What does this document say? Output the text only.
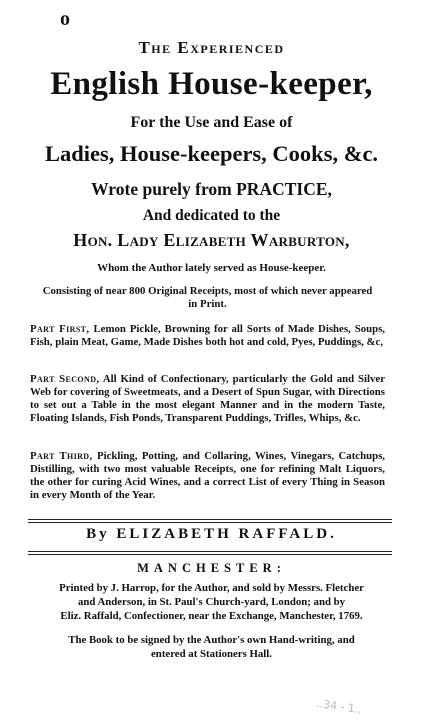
o

The Experienced

English House-keeper,

For the Use and Ease of

Ladies, House-keepers, Cooks, &c.

Wrote purely from PRACTICE,

And dedicated to the

Hon. Lady Elizabeth Warburton,

Whom the Author lately served as House-keeper.

Consisting of near 800 Original Receipts, most of which never appeared in Print.

Part First, Lemon Pickle, Browning for all Sorts of Made Dishes, Soups, Fish, plain Meat, Game, Made Dishes both hot and cold, Pyes, Puddings, &c,

Part Second, All Kind of Confectionary, particularly the Gold and Silver Web for covering of Sweetmeats, and a Desert of Spun Sugar, with Directions to set out a Table in the most elegant Manner and in the modern Taste, Floating Islands, Fish Ponds, Transparent Puddings, Trifles, Whips, &c.

Part Third, Pickling, Potting, and Collaring, Wines, Vinegars, Catchups, Distilling, with two most valuable Receipts, one for refining Malt Liquors, the other for curing Acid Wines, and a correct List of every Thing in Season in every Month of the Year.

By ELIZABETH RAFFALD.

MANCHESTER:

Printed by J. Harrop, for the Author, and sold by Messrs. Fletcher

and Anderson, in St. Paul's Church-yard, London; and by

Eliz. Raffald, Confectioner, near the Exchange, Manchester, 1769.

The Book to be signed by the Author's own Hand-writing, and

entered at Stationers Hall.

..34 - 1..
